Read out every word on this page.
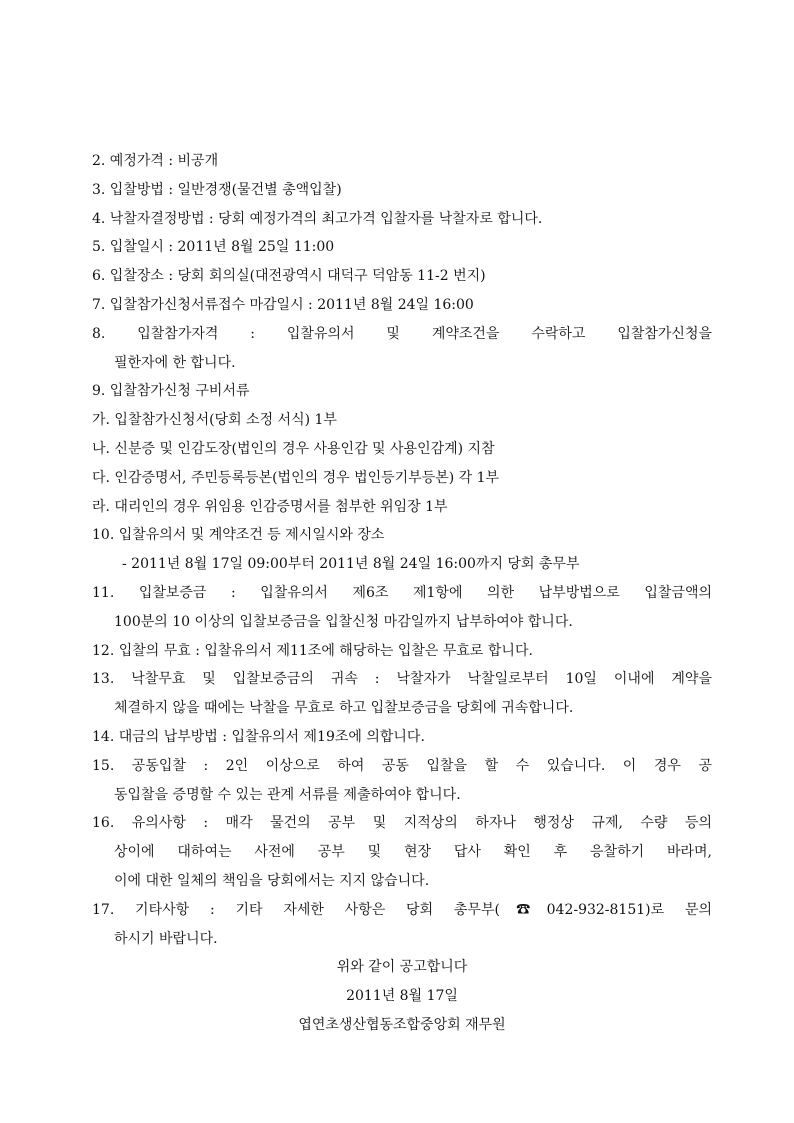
2. 예정가격 : 비공개
3. 입찰방법 : 일반경쟁(물건별 총액입찰)
4. 낙찰자결정방법 : 당회 예정가격의 최고가격 입찰자를 낙찰자로 합니다.
5. 입찰일시 : 2011년 8월 25일 11:00
6. 입찰장소 : 당회 회의실(대전광역시 대덕구 덕암동 11-2 번지)
7. 입찰참가신청서류접수 마감일시 : 2011년 8월 24일 16:00
8. 입찰참가자격 : 입찰유의서 및 계약조건을 수락하고 입찰참가신청을
필한자에 한 합니다.
9. 입찰참가신청 구비서류
가. 입찰참가신청서(당회 소정 서식) 1부
나. 신분증 및 인감도장(법인의 경우 사용인감 및 사용인감계) 지참
다. 인감증명서, 주민등록등본(법인의 경우 법인등기부등본) 각 1부
라. 대리인의 경우 위임용 인감증명서를 첨부한 위임장 1부
10. 입찰유의서 및 계약조건 등 제시일시와 장소
- 2011년 8월 17일 09:00부터 2011년 8월 24일 16:00까지 당회 총무부
11. 입찰보증금 : 입찰유의서 제6조 제1항에 의한 납부방법으로 입찰금액의
100분의 10 이상의 입찰보증금을 입찰신청 마감일까지 납부하여야 합니다.
12. 입찰의 무효 : 입찰유의서 제11조에 해당하는 입찰은 무효로 합니다.
13. 낙찰무효 및 입찰보증금의 귀속 : 낙찰자가 낙찰일로부터 10일 이내에 계약을
체결하지 않을 때에는 낙찰을 무효로 하고 입찰보증금을 당회에 귀속합니다.
14. 대금의 납부방법 : 입찰유의서 제19조에 의합니다.
15. 공동입찰 : 2인 이상으로 하여 공동 입찰을 할 수 있습니다. 이 경우 공
동입찰을 증명할 수 있는 관계 서류를 제출하여야 합니다.
16. 유의사항 : 매각 물건의 공부 및 지적상의 하자나 행정상 규제, 수량 등의
상이에 대하여는 사전에 공부 및 현장 답사 확인 후 응찰하기 바라며,
이에 대한 일체의 책임을 당회에서는 지지 않습니다.
17. 기타사항 : 기타 자세한 사항은 당회 총무부(☎042-932-8151)로 문의
하시기 바랍니다.
위와 같이 공고합니다
2011년 8월 17일
엽연초생산협동조합중앙회 재무원
